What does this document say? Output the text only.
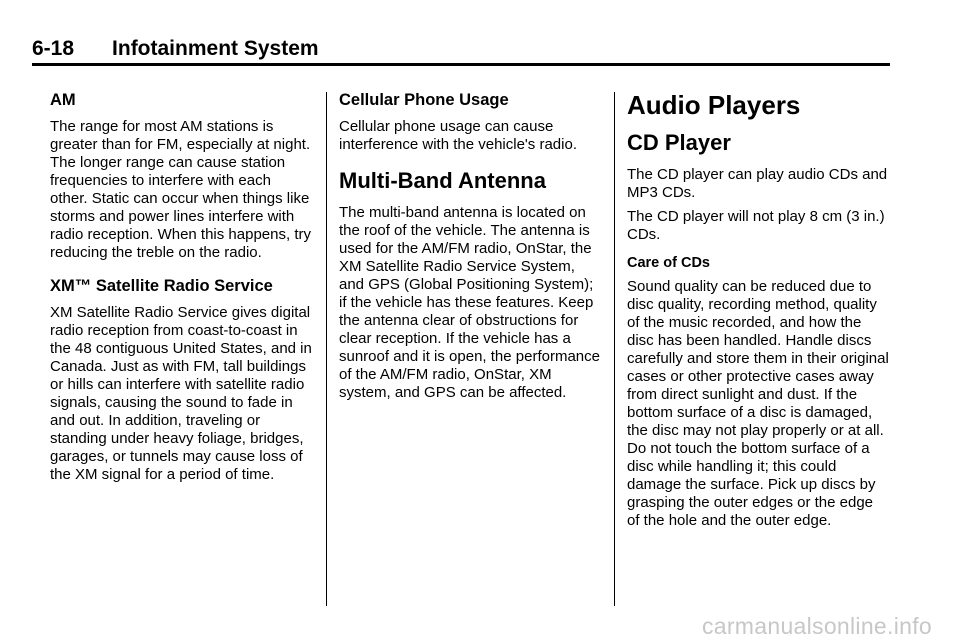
6-18 Infotainment System
AM

The range for most AM stations is greater than for FM, especially at night. The longer range can cause station frequencies to interfere with each other. Static can occur when things like storms and power lines interfere with radio reception. When this happens, try reducing the treble on the radio.

XM™ Satellite Radio Service

XM Satellite Radio Service gives digital radio reception from coast-to-coast in the 48 contiguous United States, and in Canada. Just as with FM, tall buildings or hills can interfere with satellite radio signals, causing the sound to fade in and out. In addition, traveling or standing under heavy foliage, bridges, garages, or tunnels may cause loss of the XM signal for a period of time.

Cellular Phone Usage

Cellular phone usage can cause interference with the vehicle's radio.

Multi-Band Antenna

The multi-band antenna is located on the roof of the vehicle. The antenna is used for the AM/FM radio, OnStar, the XM Satellite Radio Service System, and GPS (Global Positioning System); if the vehicle has these features. Keep the antenna clear of obstructions for clear reception. If the vehicle has a sunroof and it is open, the performance of the AM/FM radio, OnStar, XM system, and GPS can be affected.

Audio Players
CD Player

The CD player can play audio CDs and MP3 CDs.

The CD player will not play 8 cm (3 in.) CDs.

Care of CDs

Sound quality can be reduced due to disc quality, recording method, quality of the music recorded, and how the disc has been handled. Handle discs carefully and store them in their original cases or other protective cases away from direct sunlight and dust. If the bottom surface of a disc is damaged, the disc may not play properly or at all. Do not touch the bottom surface of a disc while handling it; this could damage the surface. Pick up discs by grasping the outer edges or the edge of the hole and the outer edge.

carmanualsonline.info
